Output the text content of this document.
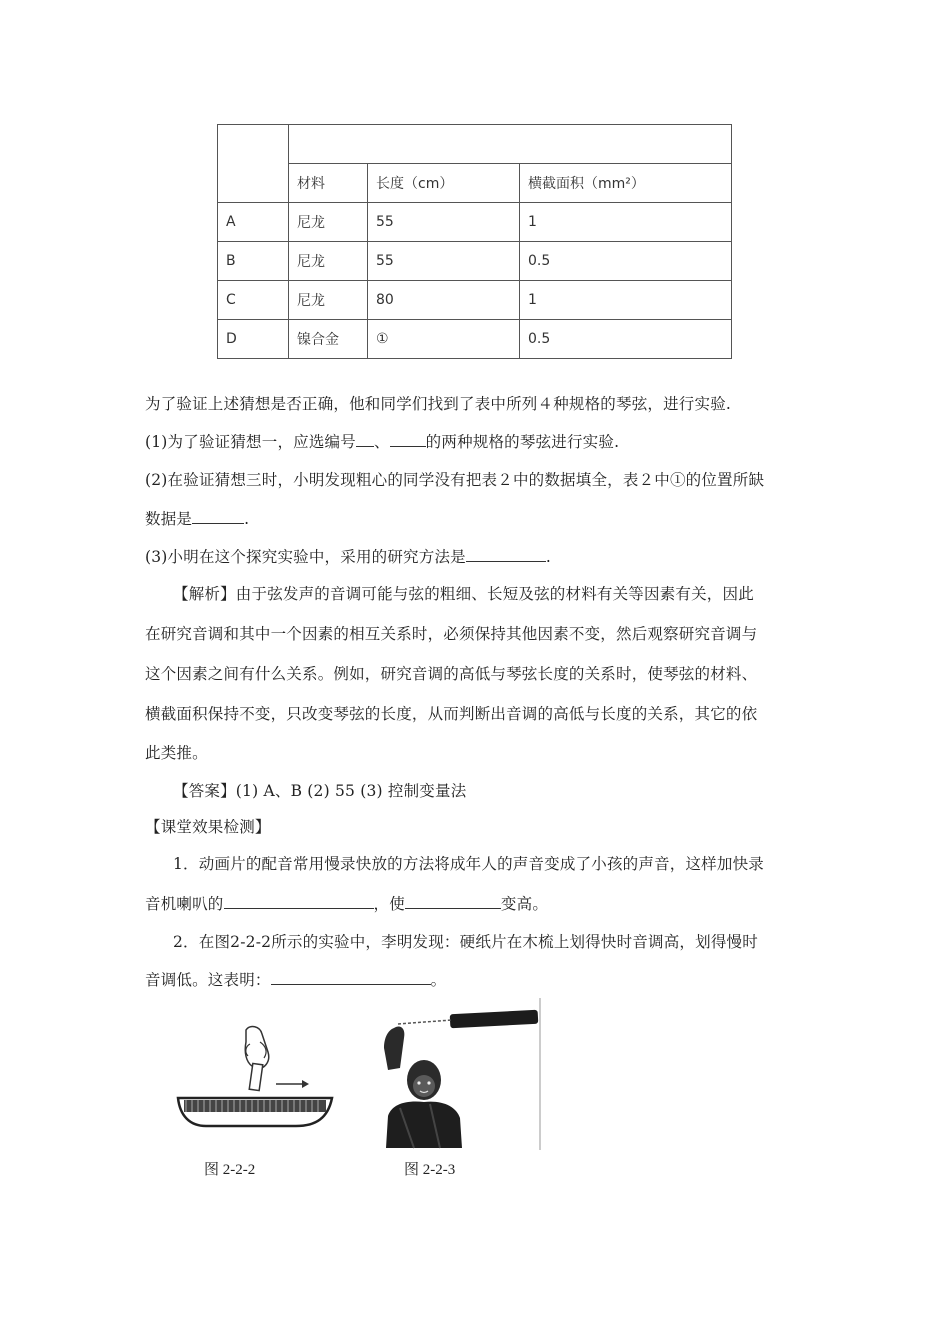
	材料	长度（cm）	横截面积（mm²）
A	尼龙	55	1
B	尼龙	55	0.5
C	尼龙	80	1
D	镍合金	①	0.5
为了验证上述猜想是否正确，他和同学们找到了表中所列４种规格的琴弦，进行实验.
(1)为了验证猜想一，应选编号 、 的两种规格的琴弦进行实验.
(2)在验证猜想三时，小明发现粗心的同学没有把表２中的数据填全，表２中①的位置所缺
数据是	.
(3)小明在这个探究实验中，采用的研究方法是	.
【解析】由于弦发声的音调可能与弦的粗细、长短及弦的材料有关等因素有关，因此
在研究音调和其中一个因素的相互关系时，必须保持其他因素不变，然后观察研究音调与
这个因素之间有什么关系。例如，研究音调的高低与琴弦长度的关系时，使琴弦的材料、
横截面积保持不变，只改变琴弦的长度，从而判断出音调的高低与长度的关系，其它的依
此类推。
【答案】(1) A、B (2) 55 (3) 控制变量法
【课堂效果检测】
1．动画片的配音常用慢录快放的方法将成年人的声音变成了小孩的声音，这样加快录
音机喇叭的	，使	变高。
2．在图2-2-2所示的实验中，李明发现：硬纸片在木梳上划得快时音调高，划得慢时
音调低。这表明：	。
图 2-2-2	图 2-2-3
